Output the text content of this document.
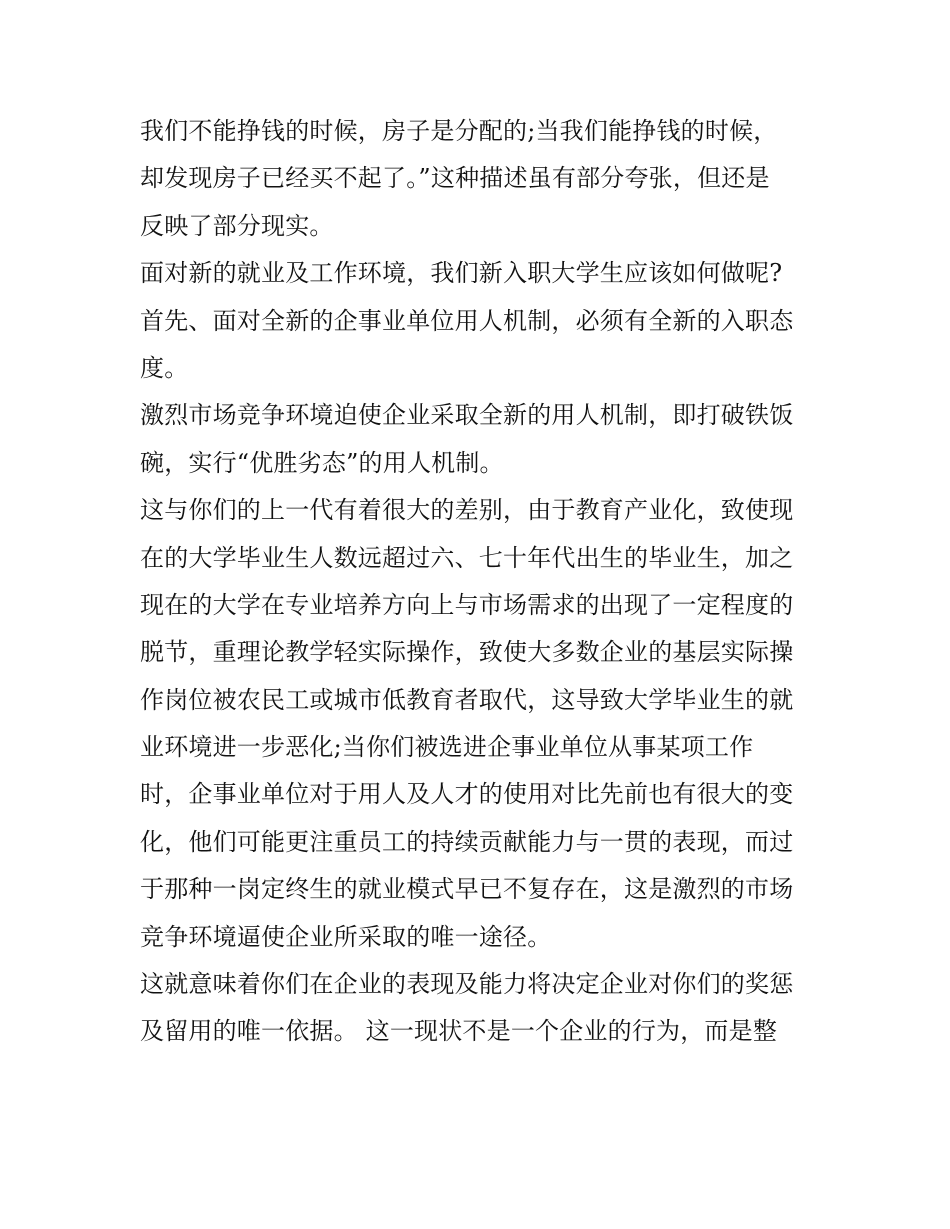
我们不能挣钱的时候，房子是分配的;当我们能挣钱的时候，
却发现房子已经买不起了。”这种描述虽有部分夸张，但还是
反映了部分现实。
面对新的就业及工作环境，我们新入职大学生应该如何做呢?
首先、面对全新的企事业单位用人机制，必须有全新的入职态
度。
激烈市场竞争环境迫使企业采取全新的用人机制，即打破铁饭
碗，实行“优胜劣态”的用人机制。
这与你们的上一代有着很大的差别，由于教育产业化，致使现
在的大学毕业生人数远超过六、七十年代出生的毕业生，加之
现在的大学在专业培养方向上与市场需求的出现了一定程度的
脱节，重理论教学轻实际操作，致使大多数企业的基层实际操
作岗位被农民工或城市低教育者取代，这导致大学毕业生的就
业环境进一步恶化;当你们被选进企事业单位从事某项工作
时，企事业单位对于用人及人才的使用对比先前也有很大的变
化，他们可能更注重员工的持续贡献能力与一贯的表现，而过
于那种一岗定终生的就业模式早已不复存在，这是激烈的市场
竞争环境逼使企业所采取的唯一途径。
这就意味着你们在企业的表现及能力将决定企业对你们的奖惩
及留用的唯一依据。 这一现状不是一个企业的行为，而是整
